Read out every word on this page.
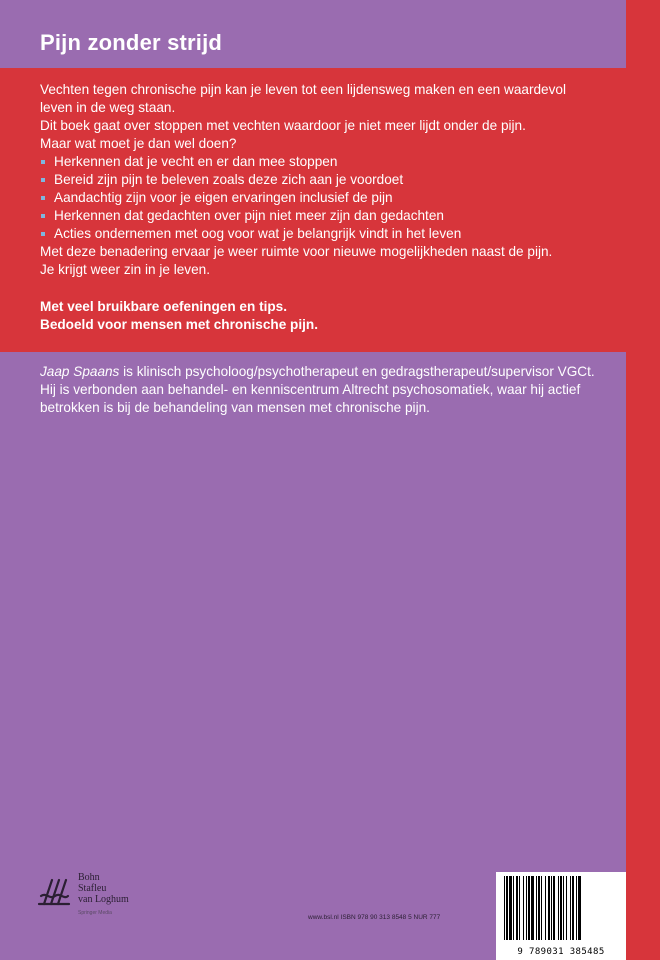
Pijn zonder strijd

Vechten tegen chronische pijn kan je leven tot een lijdensweg maken en een waardevol leven in de weg staan.

Dit boek gaat over stoppen met vechten waardoor je niet meer lijdt onder de pijn.

Maar wat moet je dan wel doen?

Herkennen dat je vecht en er dan mee stoppen
Bereid zijn pijn te beleven zoals deze zich aan je voordoet
Aandachtig zijn voor je eigen ervaringen inclusief de pijn
Herkennen dat gedachten over pijn niet meer zijn dan gedachten
Acties ondernemen met oog voor wat je belangrijk vindt in het leven

Met deze benadering ervaar je weer ruimte voor nieuwe mogelijkheden naast de pijn.

Je krijgt weer zin in je leven.

Met veel bruikbare oefeningen en tips.

Bedoeld voor mensen met chronische pijn.

Jaap Spaans is klinisch psycholoog/psychotherapeut en gedragstherapeut/supervisor VGCt. Hij is verbonden aan behandel- en kenniscentrum Altrecht psychosomatiek, waar hij actief betrokken is bij de behandeling van mensen met chronische pijn.

Bohn
Stafleu
van Loghum
Springer Media
www.bsl.nl ISBN 978 90 313 8548 5 NUR 777
9 789031 385485
